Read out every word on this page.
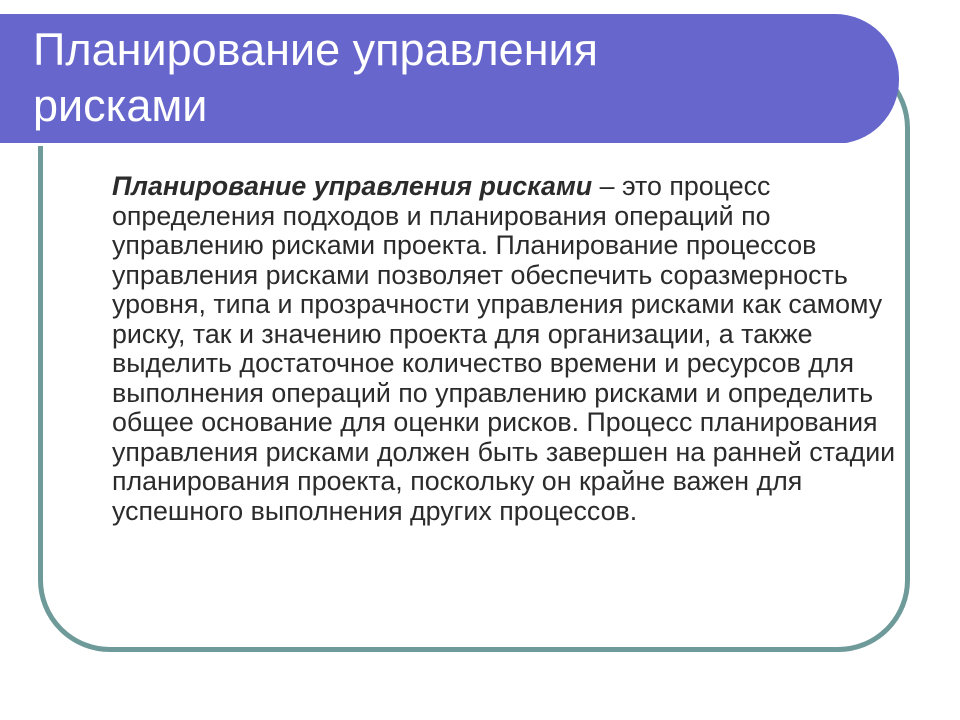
Планирование управления
рисками

Планирование управления рисками – это процесс определения подходов и планирования операций по управлению рисками проекта. Планирование процессов управления рисками позволяет обеспечить соразмерность уровня, типа и прозрачности управления рисками как самому риску, так и значению проекта для организации, а также выделить достаточное количество времени и ресурсов для выполнения операций по управлению рисками и определить общее основание для оценки рисков. Процесс планирования управления рисками должен быть завершен на ранней стадии планирования проекта, поскольку он крайне важен для успешного выполнения других процессов.
